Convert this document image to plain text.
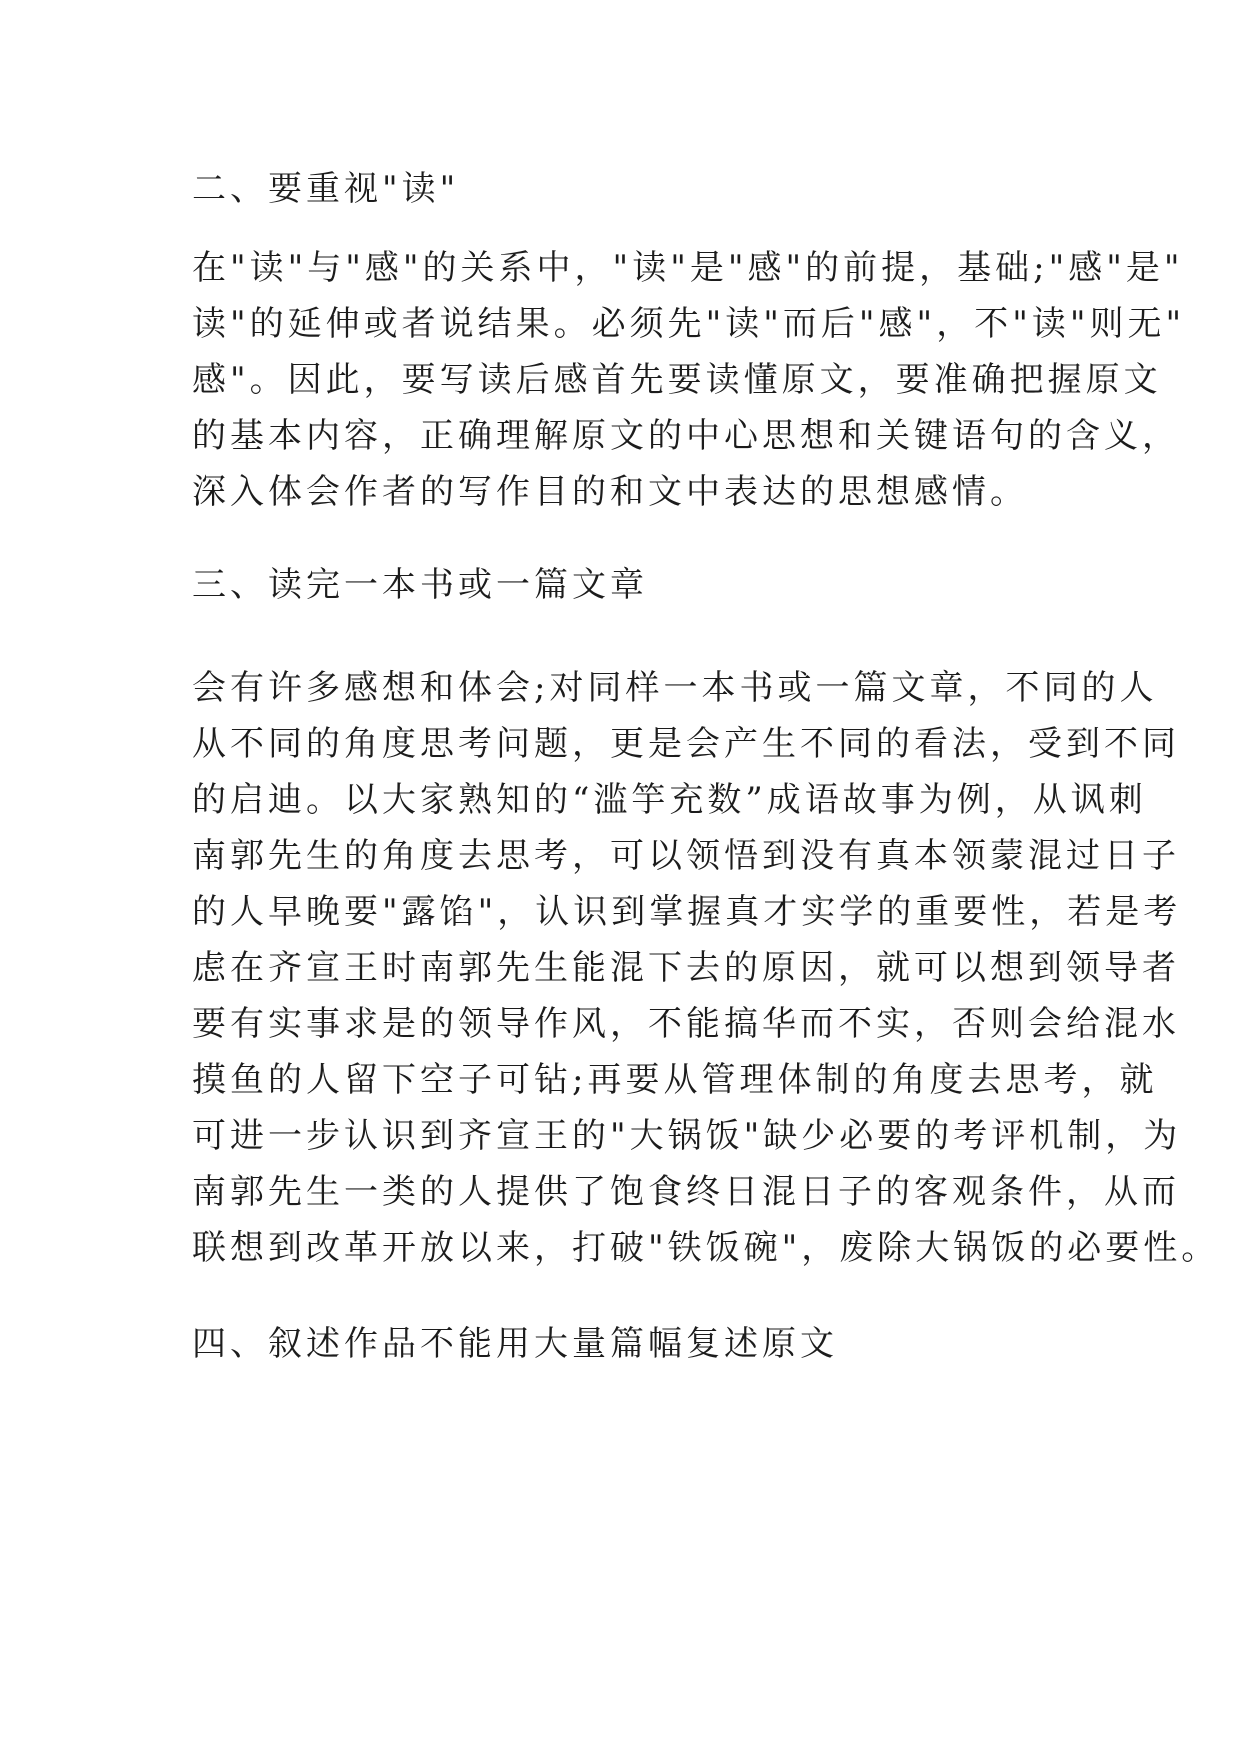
二、要重视"读"

在"读"与"感"的关系中，"读"是"感"的前提，基础;"感"是"

读"的延伸或者说结果。必须先"读"而后"感"，不"读"则无"

感"。因此，要写读后感首先要读懂原文，要准确把握原文

的基本内容，正确理解原文的中心思想和关键语句的含义，

深入体会作者的写作目的和文中表达的思想感情。

三、读完一本书或一篇文章

会有许多感想和体会;对同样一本书或一篇文章，不同的人

从不同的角度思考问题，更是会产生不同的看法，受到不同

的启迪。以大家熟知的“滥竽充数”成语故事为例，从讽刺

南郭先生的角度去思考，可以领悟到没有真本领蒙混过日子

的人早晚要"露馅"，认识到掌握真才实学的重要性，若是考

虑在齐宣王时南郭先生能混下去的原因，就可以想到领导者

要有实事求是的领导作风，不能搞华而不实，否则会给混水

摸鱼的人留下空子可钻;再要从管理体制的角度去思考，就

可进一步认识到齐宣王的"大锅饭"缺少必要的考评机制，为

南郭先生一类的人提供了饱食终日混日子的客观条件，从而

联想到改革开放以来，打破"铁饭碗"，废除大锅饭的必要性。

四、叙述作品不能用大量篇幅复述原文
